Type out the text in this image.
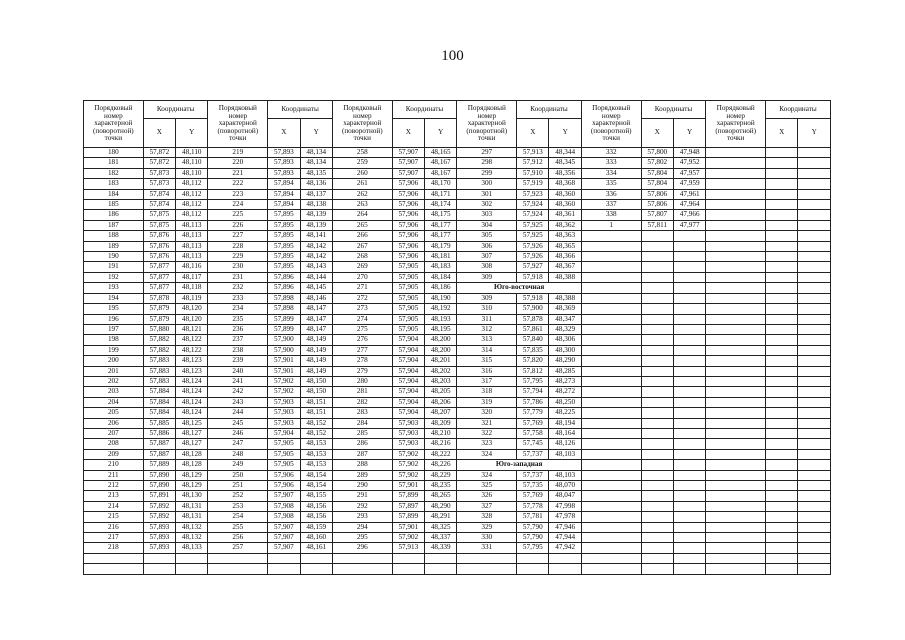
100
Порядковый номер характерной (поворотной) точки	Координаты		Порядковый номер характерной (поворотной) точки	Координаты		Порядковый номер характерной (поворотной) точки	Координаты		Порядковый номер характерной (поворотной) точки	Координаты		Порядковый номер характерной (поворотной) точки	Координаты		Порядковый номер характерной (поворотной) точки	Координаты	
	X	Y		X	Y		X	Y		X	Y		X	Y		X	Y
180	57,872	48,110	219	57,893	48,134	258	57,907	48,165	297	57,913	48,344	332	57,800	47,948			
181	57,872	48,110	220	57,893	48,134	259	57,907	48,167	298	57,912	48,345	333	57,802	47,952			
182	57,873	48,110	221	57,893	48,135	260	57,907	48,167	299	57,910	48,356	334	57,804	47,957			
183	57,873	48,112	222	57,894	48,136	261	57,906	48,170	300	57,919	48,368	335	57,804	47,959			
184	57,874	48,112	223	57,894	48,137	262	57,906	48,171	301	57,923	48,360	336	57,806	47,961			
185	57,874	48,112	224	57,894	48,138	263	57,906	48,174	302	57,924	48,360	337	57,806	47,964			
186	57,875	48,112	225	57,895	48,139	264	57,906	48,175	303	57,924	48,361	338	57,807	47,966			
187	57,875	48,113	226	57,895	48,139	265	57,906	48,177	304	57,925	48,362	1	57,811	47,977			
188	57,876	48,113	227	57,895	48,141	266	57,906	48,177	305	57,925	48,363						
189	57,876	48,113	228	57,895	48,142	267	57,906	48,179	306	57,926	48,365						
190	57,876	48,113	229	57,895	48,142	268	57,906	48,181	307	57,926	48,366						
191	57,877	48,116	230	57,895	48,143	269	57,905	48,183	308	57,927	48,367						
192	57,877	48,117	231	57,896	48,144	270	57,905	48,184	309	57,918	48,388						
193	57,877	48,118	232	57,896	48,145	271	57,905	48,186	Юго-восточная								
194	57,878	48,119	233	57,898	48,146	272	57,905	48,190	309	57,918	48,388						
195	57,879	48,120	234	57,898	48,147	273	57,905	48,192	310	57,900	48,369						
196	57,879	48,120	235	57,899	48,147	274	57,905	48,193	311	57,878	48,347						
197	57,880	48,121	236	57,899	48,147	275	57,905	48,195	312	57,861	48,329						
198	57,882	48,122	237	57,900	48,149	276	57,904	48,200	313	57,840	48,306						
199	57,882	48,122	238	57,900	48,149	277	57,904	48,200	314	57,835	48,300						
200	57,883	48,123	239	57,901	48,149	278	57,904	48,201	315	57,820	48,290						
201	57,883	48,123	240	57,901	48,149	279	57,904	48,202	316	57,812	48,285						
202	57,883	48,124	241	57,902	48,150	280	57,904	48,203	317	57,795	48,273						
203	57,884	48,124	242	57,902	48,150	281	57,904	48,205	318	57,794	48,272						
204	57,884	48,124	243	57,903	48,151	282	57,904	48,206	319	57,786	48,250						
205	57,884	48,124	244	57,903	48,151	283	57,904	48,207	320	57,779	48,225						
206	57,885	48,125	245	57,903	48,152	284	57,903	48,209	321	57,769	48,194						
207	57,886	48,127	246	57,904	48,152	285	57,903	48,210	322	57,758	48,164						
208	57,887	48,127	247	57,905	48,153	286	57,903	48,216	323	57,745	48,126						
209	57,887	48,128	248	57,905	48,153	287	57,902	48,222	324	57,737	48,103						
210	57,889	48,128	249	57,905	48,153	288	57,902	48,226	Юго-западная								
211	57,890	48,129	250	57,906	48,154	289	57,902	48,229	324	57,737	48,103						
212	57,890	48,129	251	57,906	48,154	290	57,901	48,235	325	57,735	48,070						
213	57,891	48,130	252	57,907	48,155	291	57,899	48,265	326	57,769	48,047						
214	57,892	48,131	253	57,908	48,156	292	57,897	48,290	327	57,778	47,998						
215	57,892	48,131	254	57,908	48,156	293	57,899	48,291	328	57,781	47,978						
216	57,893	48,132	255	57,907	48,159	294	57,901	48,325	329	57,790	47,946						
217	57,893	48,132	256	57,907	48,160	295	57,902	48,337	330	57,790	47,944						
218	57,893	48,133	257	57,907	48,161	296	57,913	48,339	331	57,795	47,942						
